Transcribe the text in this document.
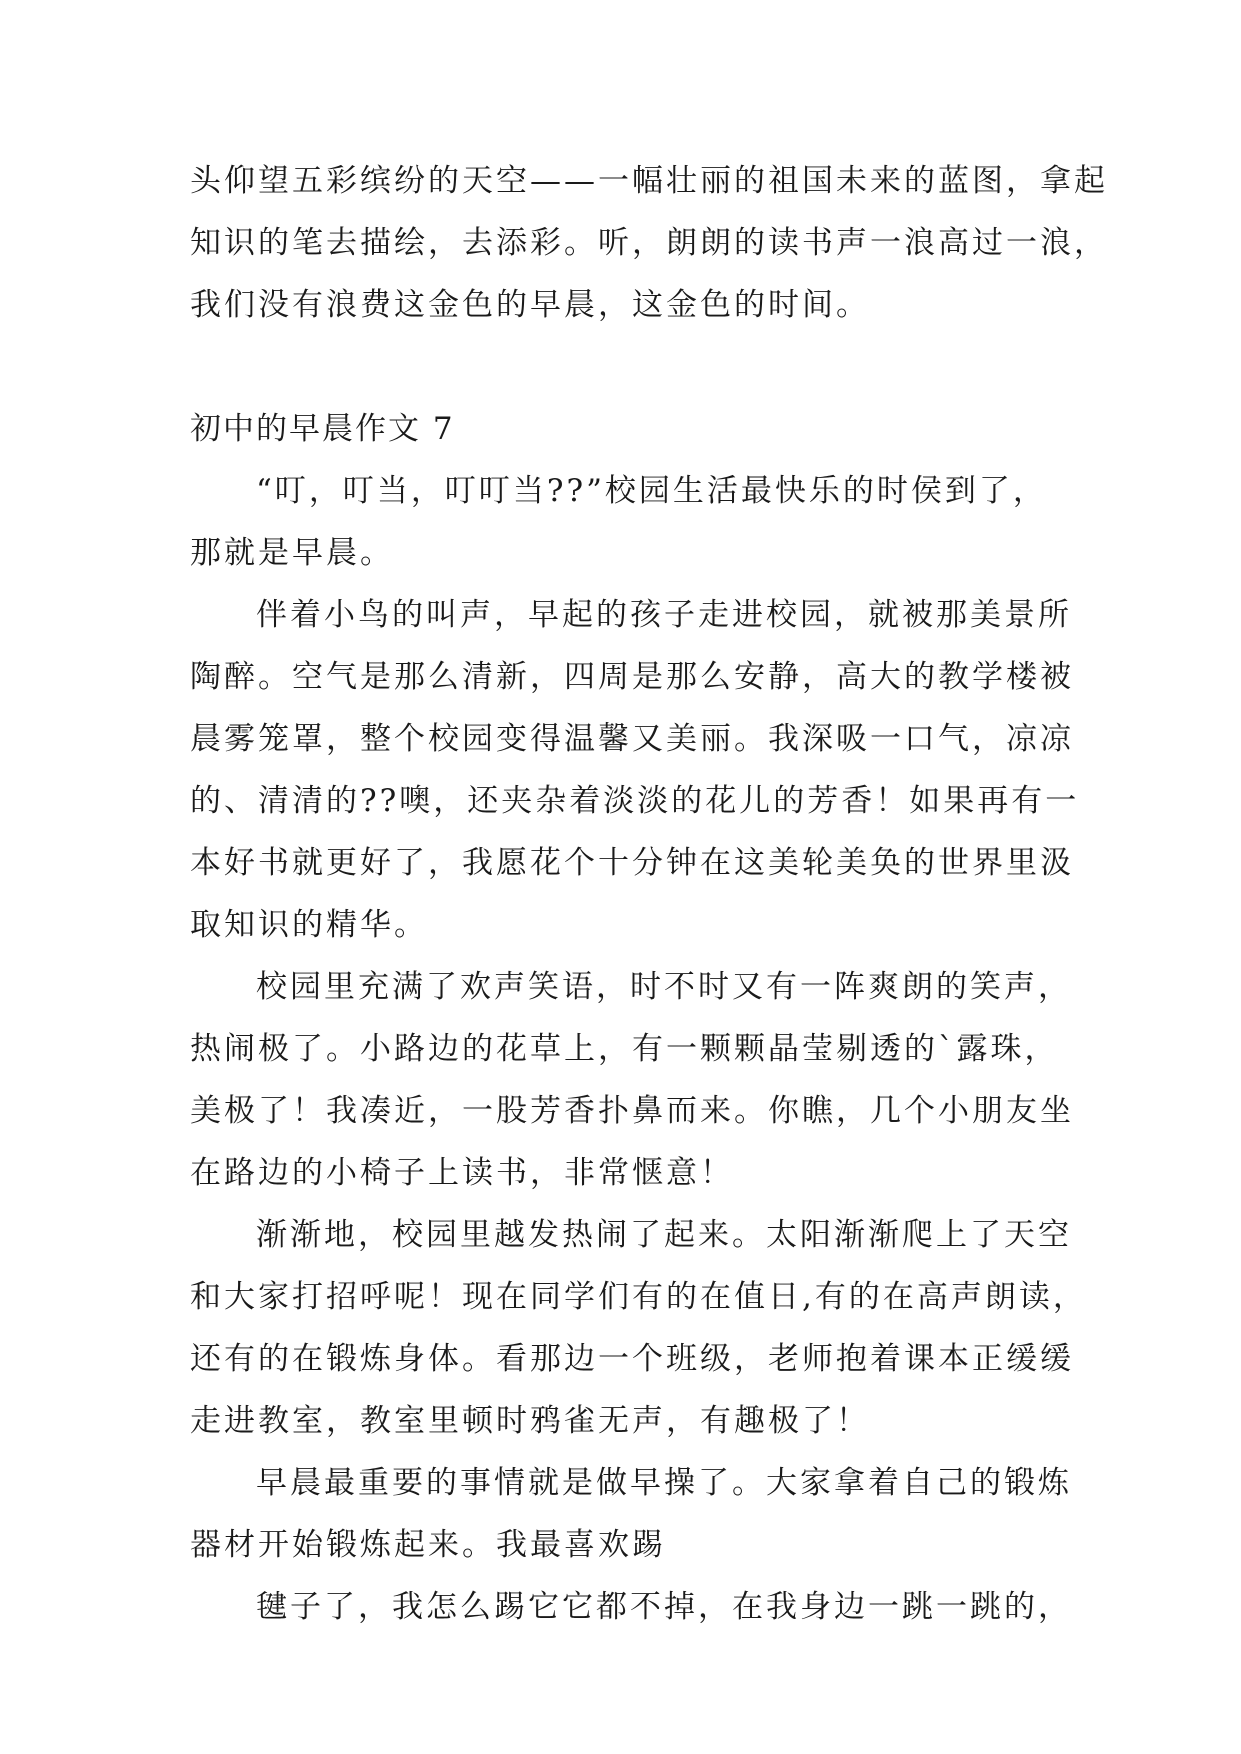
头仰望五彩缤纷的天空——一幅壮丽的祖国未来的蓝图，拿起
知识的笔去描绘，去添彩。听，朗朗的读书声一浪高过一浪，
我们没有浪费这金色的早晨，这金色的时间。
初中的早晨作文 7
“叮，叮当，叮叮当??”校园生活最快乐的时侯到了，
那就是早晨。
伴着小鸟的叫声，早起的孩子走进校园，就被那美景所
陶醉。空气是那么清新，四周是那么安静，高大的教学楼被
晨雾笼罩，整个校园变得温馨又美丽。我深吸一口气，凉凉
的、清清的??噢，还夹杂着淡淡的花儿的芳香！如果再有一
本好书就更好了，我愿花个十分钟在这美轮美奂的世界里汲
取知识的精华。
校园里充满了欢声笑语，时不时又有一阵爽朗的笑声，
热闹极了。小路边的花草上，有一颗颗晶莹剔透的`露珠，
美极了！我凑近，一股芳香扑鼻而来。你瞧，几个小朋友坐
在路边的小椅子上读书，非常惬意！
渐渐地，校园里越发热闹了起来。太阳渐渐爬上了天空
和大家打招呼呢！现在同学们有的在值日,有的在高声朗读，
还有的在锻炼身体。看那边一个班级，老师抱着课本正缓缓
走进教室，教室里顿时鸦雀无声，有趣极了！
早晨最重要的事情就是做早操了。大家拿着自己的锻炼
器材开始锻炼起来。我最喜欢踢
毽子了，我怎么踢它它都不掉，在我身边一跳一跳的，
